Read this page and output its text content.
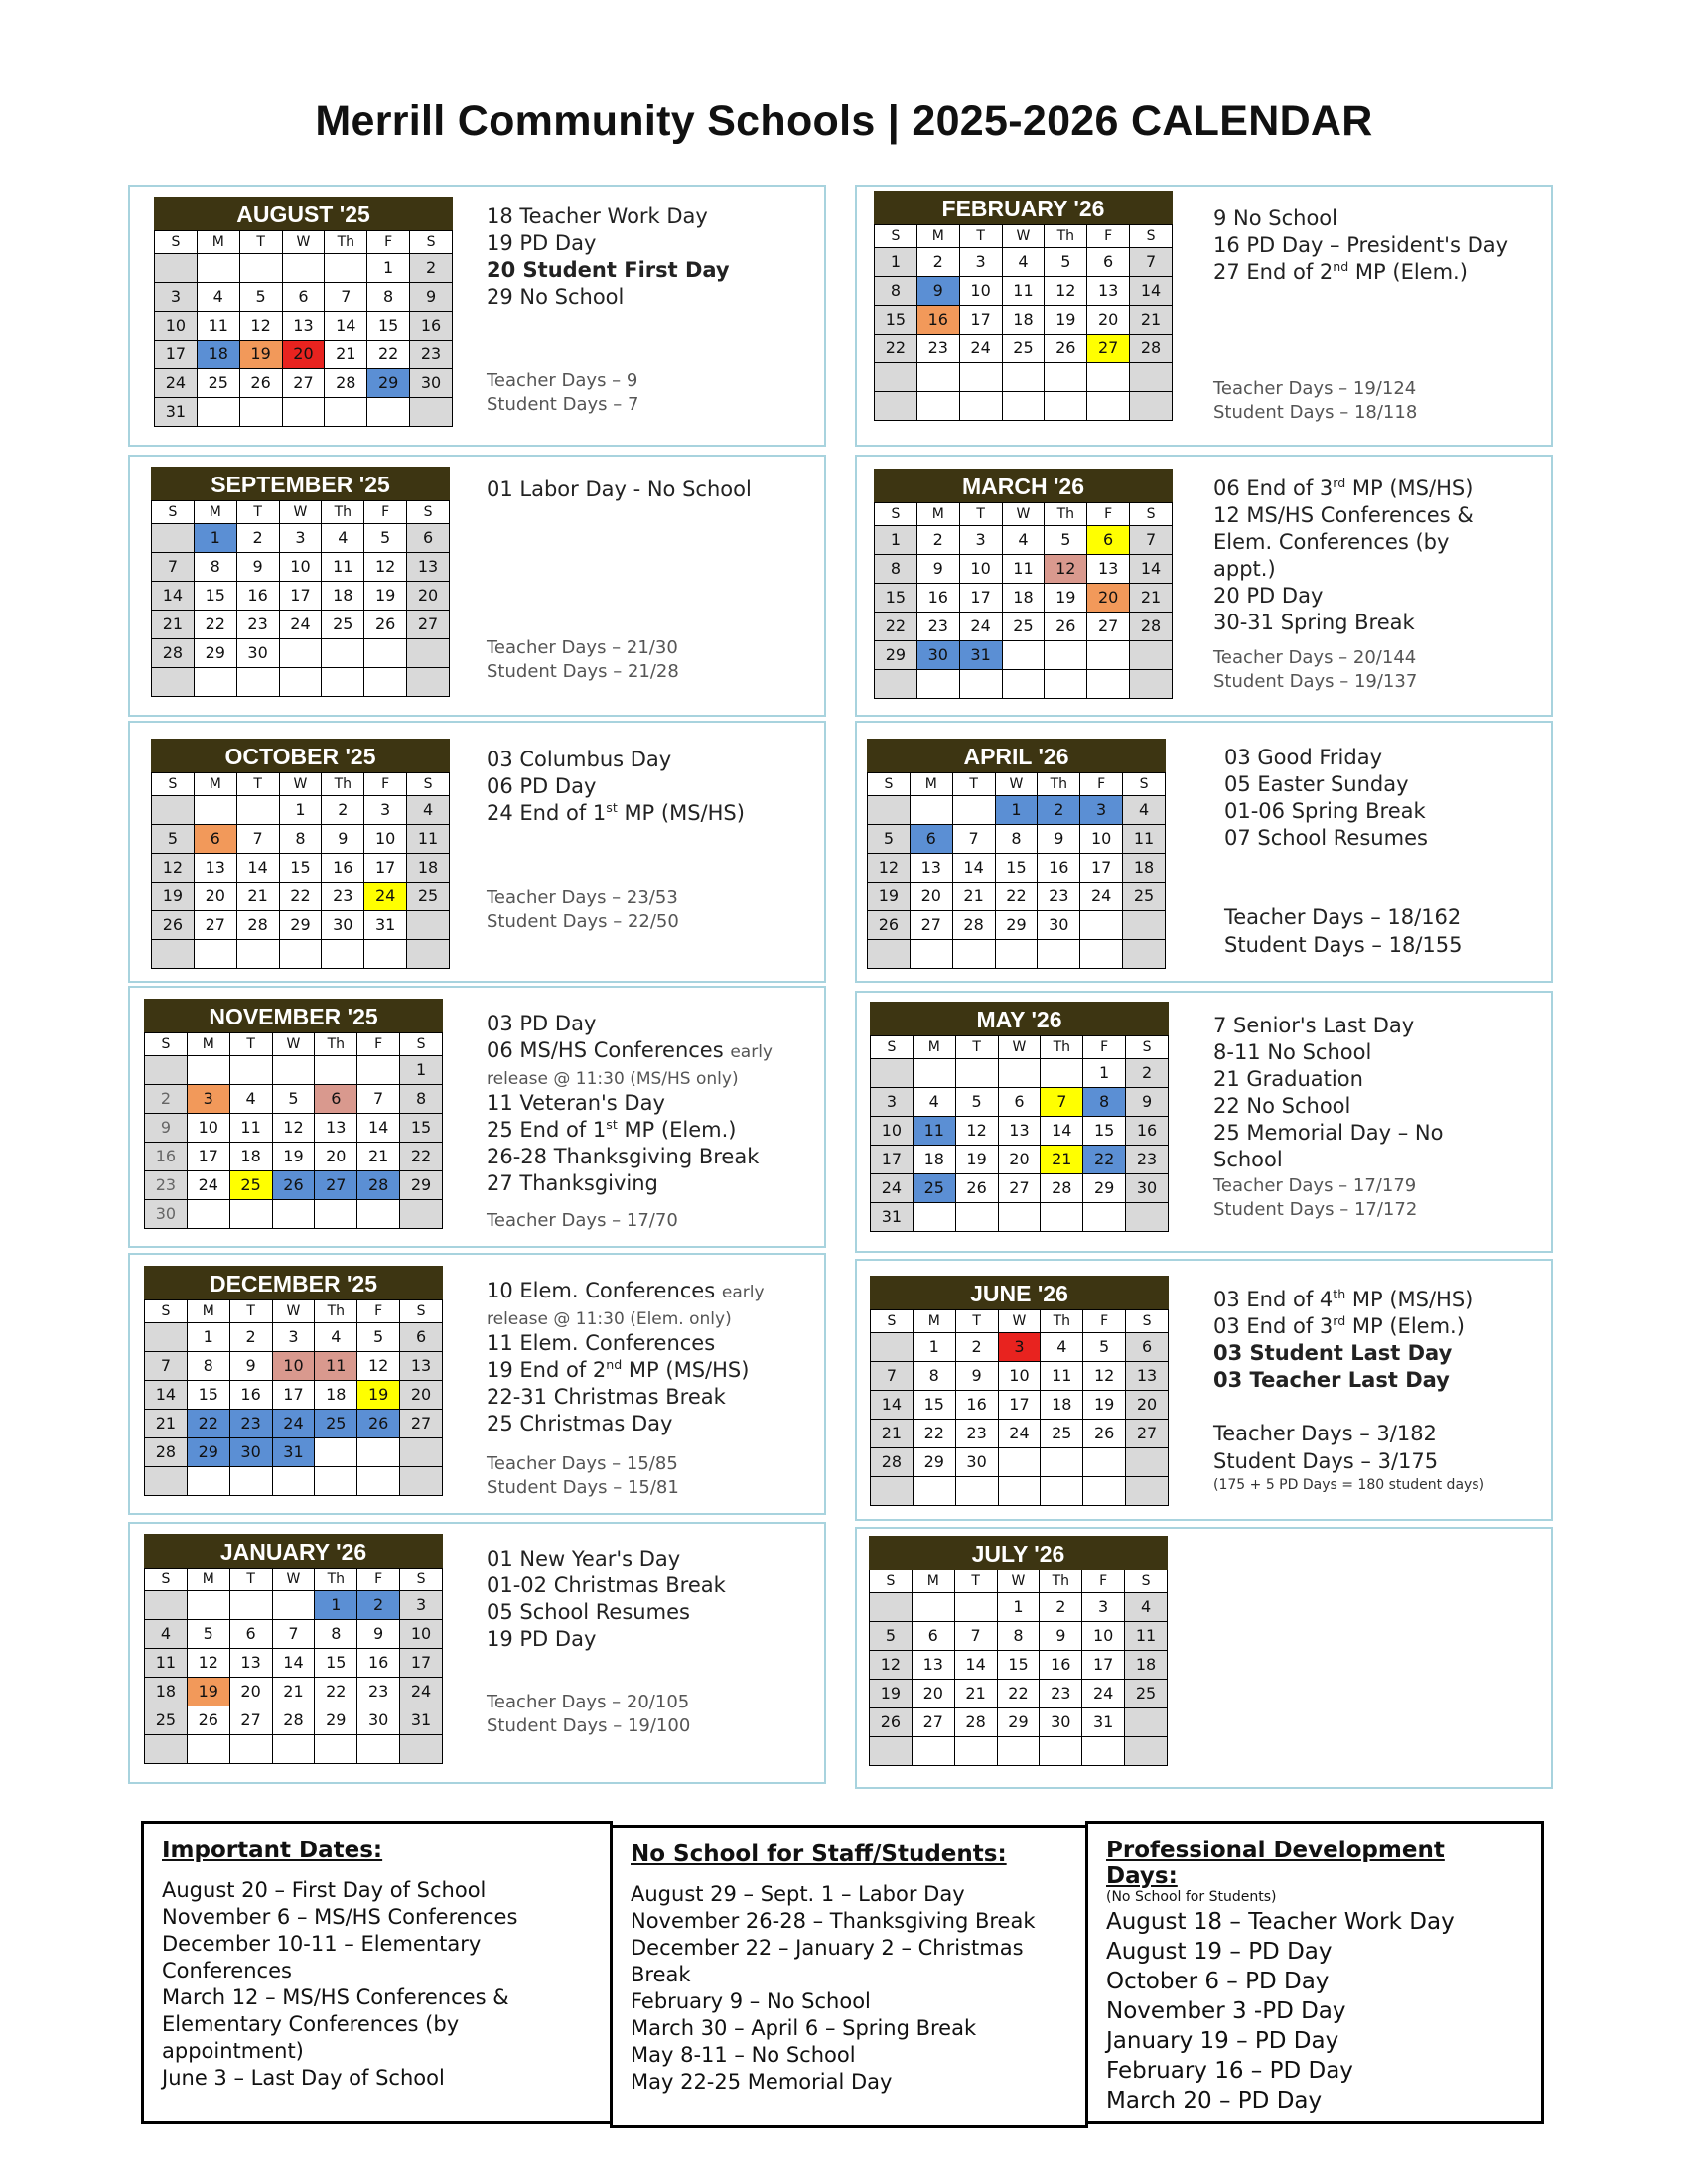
Merrill Community Schools | 2025-2026 CALENDAR
AUGUST '25
S	M	T	W	Th	F	S
					1	2
3	4	5	6	7	8	9
10	11	12	13	14	15	16
17	18	19	20	21	22	23
24	25	26	27	28	29	30
31						
18 Teacher Work Day
19 PD Day
20 Student First Day
29 No School
Teacher Days – 9
Student Days – 7
SEPTEMBER '25
S	M	T	W	Th	F	S
	1	2	3	4	5	6
7	8	9	10	11	12	13
14	15	16	17	18	19	20
21	22	23	24	25	26	27
28	29	30				

01 Labor Day - No School
Teacher Days – 21/30
Student Days – 21/28
OCTOBER '25
S	M	T	W	Th	F	S
			1	2	3	4
5	6	7	8	9	10	11
12	13	14	15	16	17	18
19	20	21	22	23	24	25
26	27	28	29	30	31	

03 Columbus Day
06 PD Day
24 End of 1st MP (MS/HS)
Teacher Days – 23/53
Student Days – 22/50
NOVEMBER '25
S	M	T	W	Th	F	S
						1
2	3	4	5	6	7	8
9	10	11	12	13	14	15
16	17	18	19	20	21	22
23	24	25	26	27	28	29
30						
03 PD Day
06 MS/HS Conferences early
release @ 11:30 (MS/HS only)
11 Veteran's Day
25 End of 1st MP (Elem.)
26-28 Thanksgiving Break
27 Thanksgiving
Teacher Days – 17/70
DECEMBER '25
S	M	T	W	Th	F	S
	1	2	3	4	5	6
7	8	9	10	11	12	13
14	15	16	17	18	19	20
21	22	23	24	25	26	27
28	29	30	31			

10 Elem. Conferences early
release @ 11:30 (Elem. only)
11 Elem. Conferences
19 End of 2nd MP (MS/HS)
22-31 Christmas Break
25 Christmas Day
Teacher Days – 15/85
Student Days – 15/81
JANUARY '26
S	M	T	W	Th	F	S
				1	2	3
4	5	6	7	8	9	10
11	12	13	14	15	16	17
18	19	20	21	22	23	24
25	26	27	28	29	30	31

01 New Year's Day
01-02 Christmas Break
05 School Resumes
19 PD Day
Teacher Days – 20/105
Student Days – 19/100
FEBRUARY '26
S	M	T	W	Th	F	S
1	2	3	4	5	6	7
8	9	10	11	12	13	14
15	16	17	18	19	20	21
22	23	24	25	26	27	28

9 No School
16 PD Day – President's Day
27 End of 2nd MP (Elem.)
Teacher Days – 19/124
Student Days – 18/118
MARCH '26
S	M	T	W	Th	F	S
1	2	3	4	5	6	7
8	9	10	11	12	13	14
15	16	17	18	19	20	21
22	23	24	25	26	27	28
29	30	31				

06 End of 3rd MP (MS/HS)
12 MS/HS Conferences &
Elem. Conferences (by
appt.)
20 PD Day
30-31 Spring Break
Teacher Days – 20/144
Student Days – 19/137
APRIL '26
S	M	T	W	Th	F	S
			1	2	3	4
5	6	7	8	9	10	11
12	13	14	15	16	17	18
19	20	21	22	23	24	25
26	27	28	29	30		

03 Good Friday
05 Easter Sunday
01-06 Spring Break
07 School Resumes
Teacher Days – 18/162
Student Days – 18/155
MAY '26
S	M	T	W	Th	F	S
					1	2
3	4	5	6	7	8	9
10	11	12	13	14	15	16
17	18	19	20	21	22	23
24	25	26	27	28	29	30
31						
7 Senior's Last Day
8-11 No School
21 Graduation
22 No School
25 Memorial Day – No
School
Teacher Days – 17/179
Student Days – 17/172
JUNE '26
S	M	T	W	Th	F	S
	1	2	3	4	5	6
7	8	9	10	11	12	13
14	15	16	17	18	19	20
21	22	23	24	25	26	27
28	29	30				

03 End of 4th MP (MS/HS)
03 End of 3rd MP (Elem.)
03 Student Last Day
03 Teacher Last Day
Teacher Days – 3/182
Student Days – 3/175
(175 + 5 PD Days = 180 student days)
JULY '26
S	M	T	W	Th	F	S
			1	2	3	4
5	6	7	8	9	10	11
12	13	14	15	16	17	18
19	20	21	22	23	24	25
26	27	28	29	30	31	

Important Dates:
August 20 – First Day of School
November 6 – MS/HS Conferences
December 10-11 – Elementary
Conferences
March 12 – MS/HS Conferences &
Elementary Conferences (by
appointment)
June 3 – Last Day of School
No School for Staff/Students:
August 29 – Sept. 1 – Labor Day
November 26-28 – Thanksgiving Break
December 22 – January 2 – Christmas
Break
February 9 – No School
March 30 – April 6 – Spring Break
May 8-11 – No School
May 22-25 Memorial Day
Professional Development Days:
(No School for Students)
August 18 – Teacher Work Day
August 19 – PD Day
October 6 – PD Day
November 3 -PD Day
January 19 – PD Day
February 16 – PD Day
March 20 – PD Day
